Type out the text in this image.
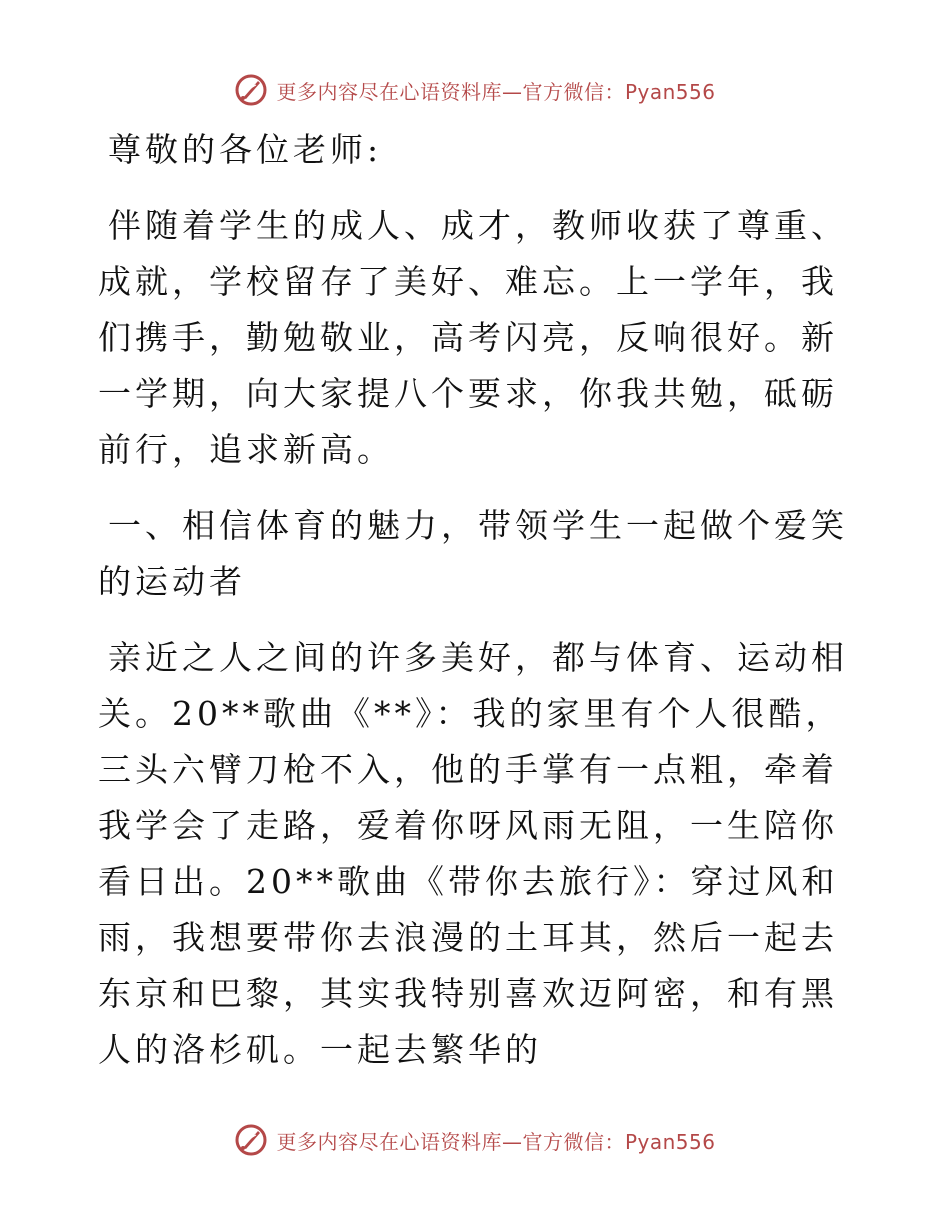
更多内容尽在心语资料库—官方微信：Pyan556

尊敬的各位老师:

伴随着学生的成人、成才，教师收获了尊重、成就，学校留存了美好、难忘。上一学年，我们携手，勤勉敬业，高考闪亮，反响很好。新一学期，向大家提八个要求，你我共勉，砥砺前行，追求新高。

一、相信体育的魅力，带领学生一起做个爱笑的运动者

亲近之人之间的许多美好，都与体育、运动相关。20**歌曲《**》：我的家里有个人很酷，三头六臂刀枪不入，他的手掌有一点粗，牵着我学会了走路，爱着你呀风雨无阻，一生陪你看日出。20**歌曲《带你去旅行》：穿过风和雨，我想要带你去浪漫的土耳其，然后一起去东京和巴黎，其实我特别喜欢迈阿密，和有黑人的洛杉矶。一起去繁华的

更多内容尽在心语资料库—官方微信：Pyan556
